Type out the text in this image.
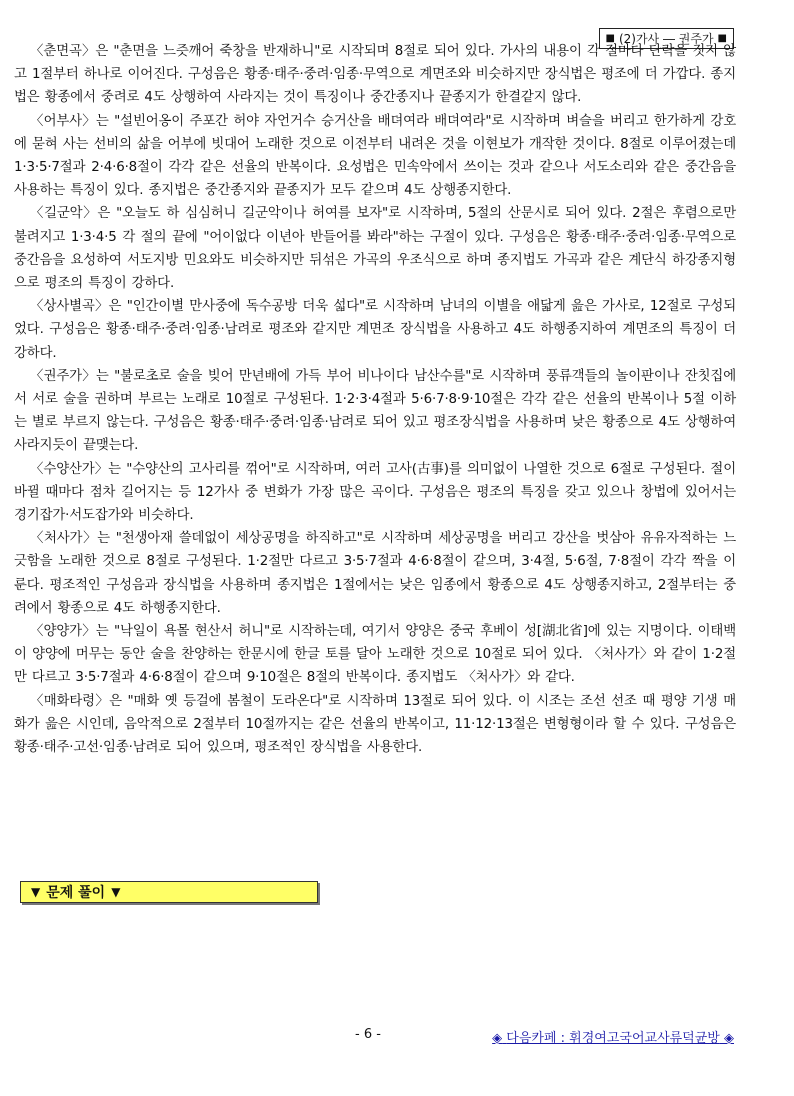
■ (2)가사 ― 권주가 ■

〈춘면곡〉은 "춘면을 느즛깨어 죽창을 반재하니"로 시작되며 8절로 되어 있다. 가사의 내용이 각 절마다 단락을 짓지 않고 1절부터 하나로 이어진다. 구성음은 황종·태주·중려·임종·무역으로 계면조와 비슷하지만 장식법은 평조에 더 가깝다. 종지법은 황종에서 중려로 4도 상행하여 사라지는 것이 특징이나 중간종지나 끝종지가 한결같지 않다.

〈어부사〉는 "설빈어옹이 주포간 허야 자언거수 승거산을 배뎌여라 배뎌여라"로 시작하며 벼슬을 버리고 한가하게 강호에 묻혀 사는 선비의 삶을 어부에 빗대어 노래한 것으로 이전부터 내려온 것을 이현보가 개작한 것이다. 8절로 이루어졌는데 1·3·5·7절과 2·4·6·8절이 각각 같은 선율의 반복이다. 요성법은 민속악에서 쓰이는 것과 같으나 서도소리와 같은 중간음을 사용하는 특징이 있다. 종지법은 중간종지와 끝종지가 모두 같으며 4도 상행종지한다.

〈길군악〉은 "오늘도 하 심심허니 길군악이나 허여를 보자"로 시작하며, 5절의 산문시로 되어 있다. 2절은 후렴으로만 불려지고 1·3·4·5 각 절의 끝에 "어이없다 이년아 반들어를 봐라"하는 구절이 있다. 구성음은 황종·태주·중려·임종·무역으로 중간음을 요성하여 서도지방 민요와도 비슷하지만 뒤섞은 가곡의 우조식으로 하며 종지법도 가곡과 같은 계단식 하강종지형으로 평조의 특징이 강하다.

〈상사별곡〉은 "인간이별 만사중에 독수공방 더욱 섧다"로 시작하며 남녀의 이별을 애닯게 읊은 가사로, 12절로 구성되었다. 구성음은 황종·태주·중려·임종·남려로 평조와 같지만 계면조 장식법을 사용하고 4도 하행종지하여 계면조의 특징이 더 강하다.

〈권주가〉는 "불로초로 술을 빚어 만년배에 가득 부어 비나이다 남산수를"로 시작하며 풍류객들의 놀이판이나 잔칫집에서 서로 술을 권하며 부르는 노래로 10절로 구성된다. 1·2·3·4절과 5·6·7·8·9·10절은 각각 같은 선율의 반복이나 5절 이하는 별로 부르지 않는다. 구성음은 황종·태주·중려·임종·남려로 되어 있고 평조장식법을 사용하며 낮은 황종으로 4도 상행하여 사라지듯이 끝맺는다.

〈수양산가〉는 "수양산의 고사리를 꺾어"로 시작하며, 여러 고사(古事)를 의미없이 나열한 것으로 6절로 구성된다. 절이 바뀔 때마다 점차 길어지는 등 12가사 중 변화가 가장 많은 곡이다. 구성음은 평조의 특징을 갖고 있으나 창법에 있어서는 경기잡가·서도잡가와 비슷하다.

〈처사가〉는 "천생아재 쓸데없이 세상공명을 하직하고"로 시작하며 세상공명을 버리고 강산을 벗삼아 유유자적하는 느긋함을 노래한 것으로 8절로 구성된다. 1·2절만 다르고 3·5·7절과 4·6·8절이 같으며, 3·4절, 5·6절, 7·8절이 각각 짝을 이룬다. 평조적인 구성음과 장식법을 사용하며 종지법은 1절에서는 낮은 임종에서 황종으로 4도 상행종지하고, 2절부터는 중려에서 황종으로 4도 하행종지한다.

〈양양가〉는 "낙일이 욕몰 현산서 허니"로 시작하는데, 여기서 양양은 중국 후베이 성[湖北省]에 있는 지명이다. 이태백이 양양에 머무는 동안 술을 찬양하는 한문시에 한글 토를 달아 노래한 것으로 10절로 되어 있다. 〈처사가〉와 같이 1·2절만 다르고 3·5·7절과 4·6·8절이 같으며 9·10절은 8절의 반복이다. 종지법도 〈처사가〉와 같다.

〈매화타령〉은 "매화 옛 등걸에 봄철이 도라온다"로 시작하며 13절로 되어 있다. 이 시조는 조선 선조 때 평양 기생 매화가 읊은 시인데, 음악적으로 2절부터 10절까지는 같은 선율의 반복이고, 11·12·13절은 변형형이라 할 수 있다. 구성음은 황종·태주·고선·임종·남려로 되어 있으며, 평조적인 장식법을 사용한다.

▼ 문제 풀이 ▼
- 6 -	◈ 다음카페 : 휘경여고국어교사류덕균방 ◈
